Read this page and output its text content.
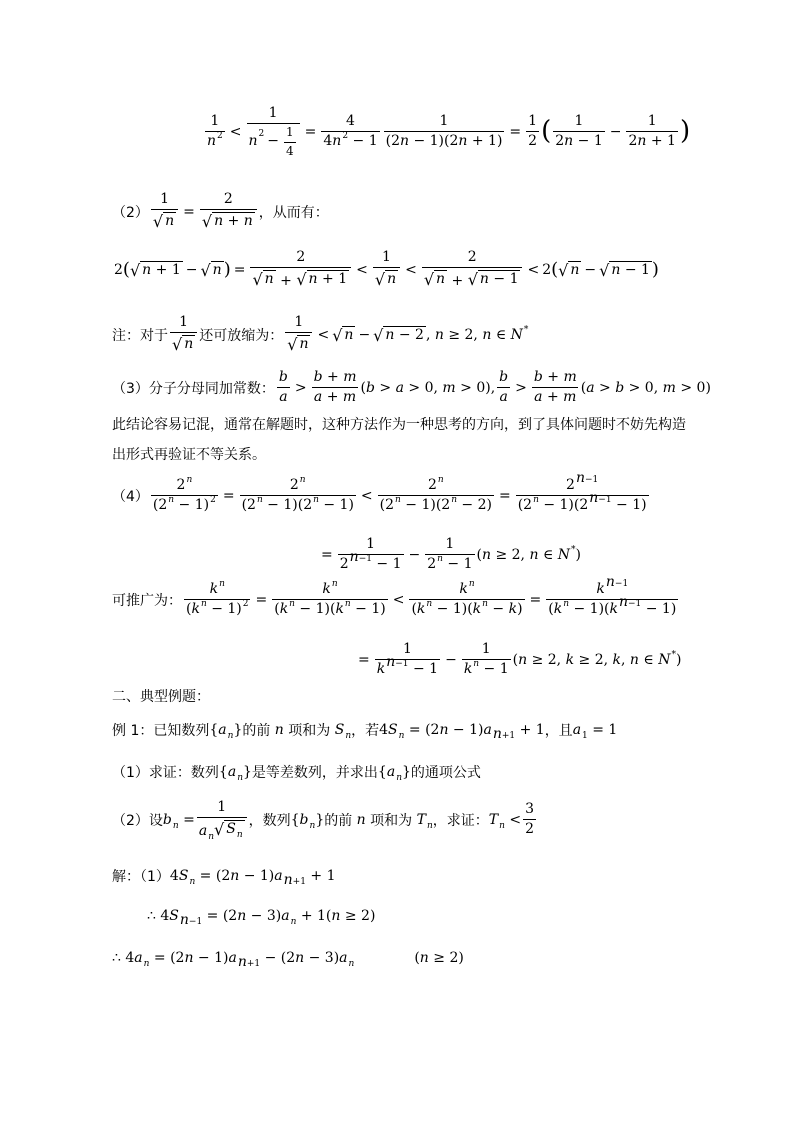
$\frac{1}{n^2} < \frac{1}{n 2 - \frac{1}{4}} = \frac{4}{4n^2 - 1} \frac{1}{(2n - 1)(2n + 1)} = \frac{1}{2}$ ( $\frac{1}{2n - 1} - \frac{1}{2n + 1}$ )
$(2) \frac{1}{√ n} = \frac{2}{√ n + n}$ ，从而有：
2 ( √ n + 1 − √ n ) = $\frac{2}{√ n + √ n + 1} < \frac{1}{√ n} < \frac{2}{√ n + √ n - 1} < 2$ ( √ n − √ n − 1 )
注：对于 $\frac{1}{√ n}$ 还可放缩为： $\frac{1}{√ n}$ < √ n − √ n − 2 , n ≥ 2, n ∈ N*
（3）分子分母同加常数： $\frac{b}{a} > \frac{b + m}{a + m} (b > a > 0$, m > 0), $\frac{b}{a} > \frac{b + m}{a + m} (a > b > 0$, m > 0)
此结论容易记混，通常在解题时，这种方法作为一种思考的方向，到了具体问题时不妨先构造出形式再验证不等关系。
$(4) \frac{2^n}{(2^n - 1)^2} = \frac{2^n}{(2^n - 1)(2^n - 1)} < \frac{2^n}{(2^n - 1)(2^n - 2)} = \frac{2^{n-1}}{(2^n - 1)(2^{n-1} - 1)}$
= $\frac{1}{2^{n-1} - 1} - \frac{1}{2^n - 1} (n \ge 2$, n ∈ N*)
可推广为： $\frac{k^n}{(k^n - 1)^2} = \frac{k^n}{(k^n - 1)(k^n - 1)} < \frac{k^n}{(k^n - 1)(k^n - k)} = \frac{k^{n-1}}{(k^n - 1)(k^{n-1} - 1)}$
= $\frac{1}{k^{n-1} - 1} - \frac{1}{k^n - 1} (n \ge 2$, k ≥ 2, k, n ∈ N*)
二、典型例题：
例 1：已知数列 $\{a_n\}$ 的前 n 项和为 $S_n$ ，若 $4S_n = (2n - 1)a_{n+1} + 1$ ，且 $a_1 = 1$
（1）求证：数列 $\{a_n\}$ 是等差数列，并求出 $\{a_n\}$ 的通项公式
（2）设 $b_n = \frac{1}{a_n √ S_n}$ ，数列 $\{b_n\}$ 的前 n 项和为 $T_n$ ，求证： $T_n < \frac{3}{2}$
解：（1） $4S_n = (2n - 1)a_{n+1} + 1$
∴ $4S_{n-1} = (2n - 3)a_n + 1(n \ge 2)$
∴ $4a_n = (2n - 1)a_{n+1} - (2n - 3)a_n$	(n ≥ 2)
